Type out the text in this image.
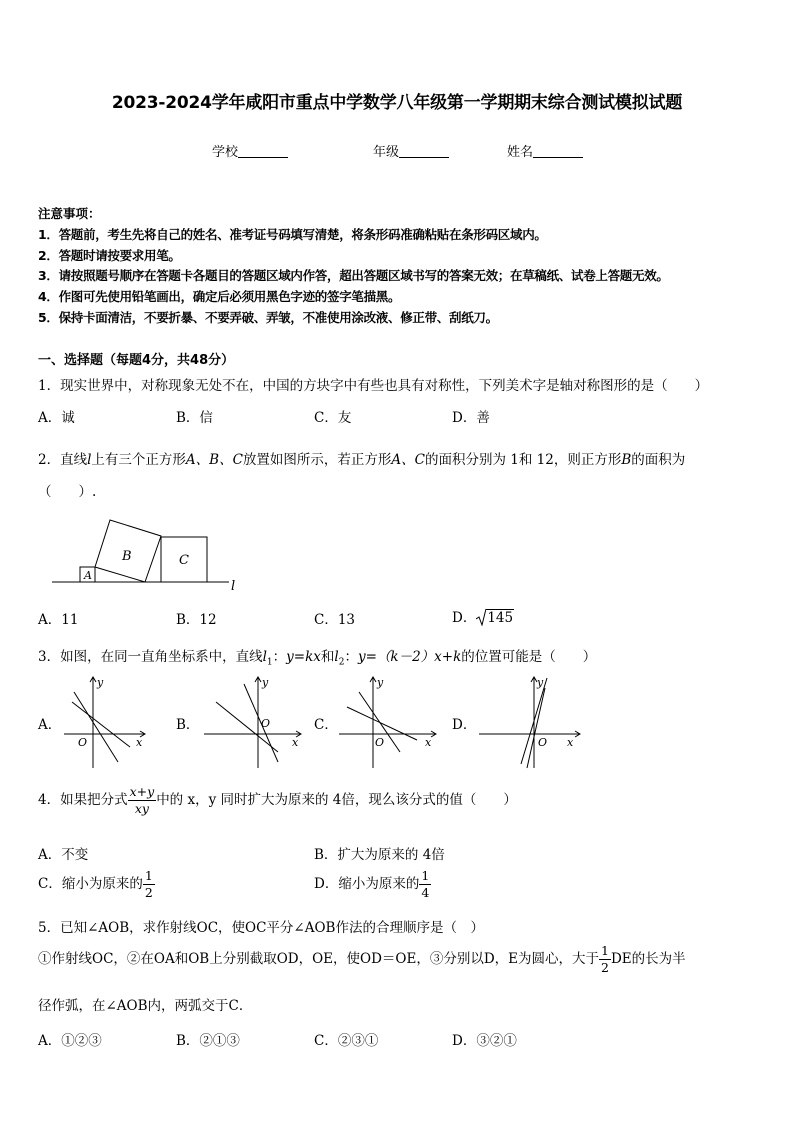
2023-2024学年咸阳市重点中学数学八年级第一学期期末综合测试模拟试题
学校	年级	姓名
注意事项：
1．答题前，考生先将自己的姓名、准考证号码填写清楚，将条形码准确粘贴在条形码区域内。
2．答题时请按要求用笔。
3．请按照题号顺序在答题卡各题目的答题区域内作答，超出答题区域书写的答案无效；在草稿纸、试卷上答题无效。
4．作图可先使用铅笔画出，确定后必须用黑色字迹的签字笔描黑。
5．保持卡面清洁，不要折暴、不要弄破、弄皱，不准使用涂改液、修正带、刮纸刀。
一、选择题（每题4分，共48分）
1．现实世界中，对称现象无处不在，中国的方块字中有些也具有对称性，下列美术字是轴对称图形的是（　　）
A．诚	B．信	C．友	D．善
2．直线l上有三个正方形A、B、C放置如图所示，若正方形A、C的面积分别为 1和 12，则正方形B的面积为
（　　）.
A
B	C
l
A．11	B．12	C．13	D． 145
3．如图，在同一直角坐标系中，直线$l_1$：y=kx和$l_2$：y=（k－2）x+k的位置可能是（　　）
A．	B．	C．	D．
y
x
O
y
x
O
y
x
O
y
x
O
4．如果把分式 $\frac{x+y}{xy}$ 中的 x，y 同时扩大为原来的 4倍，现么该分式的值（　　）
A．不变	B．扩大为原来的 4倍
C．缩小为原来的 $\frac{1}{2}$	D．缩小为原来的 $\frac{1}{4}$
5．已知∠AOB，求作射线OC，使OC平分∠AOB作法的合理顺序是（　）
①作射线OC，②在OA和OB上分别截取OD，OE，使OD＝OE，③分别以D，E为圆心，大于 $\frac{1}{2}$ DE的长为半
径作弧，在∠AOB内，两弧交于C．
A．①②③	B．②①③	C．②③①	D．③②①
